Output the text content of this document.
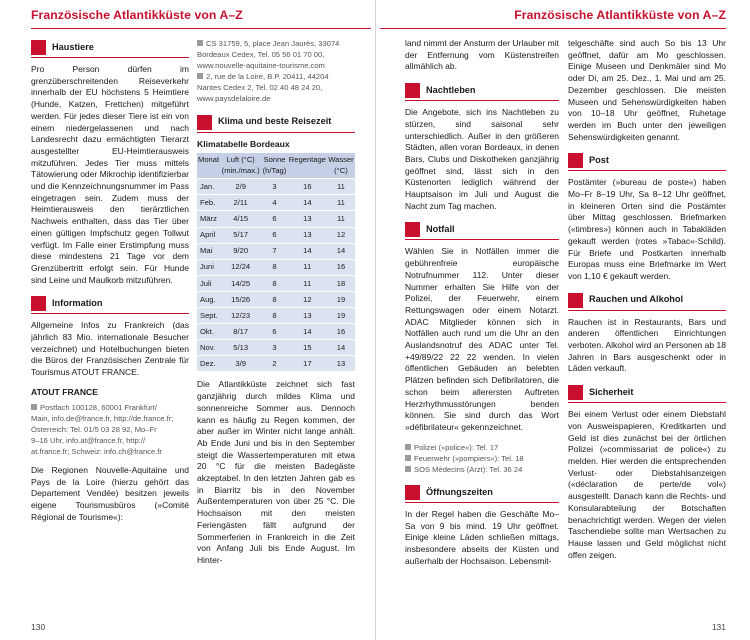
Französische Atlantikküste von A–Z
Haustiere

Pro Person dürfen im grenzüberschreitenden Reiseverkehr innerhalb der EU höchstens 5 Heimtiere (Hunde, Katzen, Frettchen) mitgeführt werden. Für jedes dieser Tiere ist ein von einem niedergelassenen und nach Landesrecht dazu ermächtigten Tierarzt ausgestellter EU-Heimtierausweis mitzuführen. Jedes Tier muss mittels Tätowierung oder Mikrochip identifizierbar und die Kennzeichnungsnummer im Pass eingetragen sein. Zudem muss der Heimtierausweis den tierärztlichen Nachweis enthalten, dass das Tier über einen gültigen Impfschutz gegen Tollwut verfügt. Im Falle einer Erstimpfung muss diese mindestens 21 Tage vor dem Grenzübertritt erfolgt sein. Für Hunde sind Leine und Maulkorb mitzuführen.

Information

Allgemeine Infos zu Frankreich (das jährlich 83 Mio. internationale Besucher verzeichnet) und Hotelbuchungen bieten die Büros der Französischen Zentrale für Tourismus ATOUT FRANCE.

ATOUT FRANCE
Postfach 100128, 60001 Frankfurt/
Main, info.de@france.fr, http://de.france.fr;
Österreich: Tel. 01/5 03 28 92, Mo–Fr
9–16 Uhr, info.at@france.fr, http://
at.france.fr; Schweiz: info.ch@france.fr

Die Regionen Nouvelle-Aquitaine und Pays de la Loire (hierzu gehört das Departement Vendée) besitzen jeweils eigene Tourismusbüros (»Comité Régional de Tourisme«):

CS 31759, 5, place Jean Jaurès, 33074
Bordeaux Cedex, Tel. 05 56 01 70 00,
www.nouvelle-aquitaine-tourisme.com
2, rue de la Loire, B.P. 20411, 44204
Nantes Cedex 2, Tel. 02 40 48 24 20,
www.paysdelaloire.de
Klima und beste Reisezeit
Klimatabelle Bordeaux
Monat	Luft (°C) (min./max.)	Sonne (h/Tag)	Regentage	Wasser (°C)
Jan.	2/9	3	16	11
Feb.	2/11	4	14	11
März	4/15	6	13	11
April	5/17	6	13	12
Mai	9/20	7	14	14
Juni	12/24	8	11	16
Juli	14/25	8	11	18
Aug.	15/26	8	12	19
Sept.	12/23	8	13	19
Okt.	8/17	6	14	16
Nov.	5/13	3	15	14
Dez.	3/9	2	17	13

Die Atlantikküste zeichnet sich fast ganzjährig durch mildes Klima und sonnenreiche Sommer aus. Dennoch kann es häufig zu Regen kommen, der aber außer im Winter nicht lange anhält. Ab Ende Juni und bis in den September steigt die Wassertemperaturen mit etwa 20 °C für die meisten Badegäste akzeptabel. In den letzten Jahren gab es in Biarritz bis in den November Außentemperaturen von über 25 °C. Die Hochsaison mit den meisten Feriengästen fällt aufgrund der Sommerferien in Frankreich in die Zeit von Anfang Juli bis Ende August. Im Hinter-

130
Französische Atlantikküste von A–Z

land nimmt der Ansturm der Urlauber mit der Entfernung vom Küstenstreifen allmählich ab.

Nachtleben

Die Angebote, sich ins Nachtleben zu stürzen, sind saisonal sehr unterschiedlich. Außer in den größeren Städten, allen voran Bordeaux, in denen Bars, Clubs und Diskotheken ganzjährig geöffnet sind, lässt sich in den Küstenorten lediglich während der Hauptsaison im Juli und August die Nacht zum Tag machen.

Notfall

Wählen Sie in Notfällen immer die gebührenfreie europäische Notrufnummer 112. Unter dieser Nummer erhalten Sie Hilfe von der Polizei, der Feuerwehr, einem Rettungswagen oder einem Notarzt. ADAC Mitglieder können sich in Notfällen auch rund um die Uhr an den Auslandsnotruf des ADAC unter Tel. +49/89/22 22 22 wenden. In vielen öffentlichen Gebäuden an belebten Plätzen befinden sich Defibrilatoren, die schon beim allerersten Auftreten Herzrhythmusstörungen benden können. Sie sind durch das Wort »défibrilateur« gekennzeichnet.

Polizei (»police«): Tel. 17
Feuerwehr (»pompiers«): Tel. 18
SOS Médecins (Arzt): Tel. 36 24
Öffnungszeiten

In der Regel haben die Geschäfte Mo–Sa von 9 bis mind. 19 Uhr geöffnet. Einige kleine Läden schließen mittags, insbesondere abseits der Küsten und außerhalb der Hochsaison. Lebensmit-

telgeschäfte sind auch So bis 13 Uhr geöffnet, dafür am Mo geschlossen. Einige Museen und Denkmäler sind Mo oder Di, am 25. Dez., 1. Mai und am 25. Dezember geschlossen. Die meisten Museen und Sehenswürdigkeiten haben von 10–18 Uhr geöffnet, Ruhetage werden im Buch unter den jeweiligen Sehenswürdigkeiten genannt.

Post

Postämter (»bureau de poste«) haben Mo–Fr 8–19 Uhr, Sa 8–12 Uhr geöffnet, in kleineren Orten sind die Postämter über Mittag geschlossen. Briefmarken («timbres») können auch in Tabakläden gekauft werden (rotes »Tabac«-Schild). Für Briefe und Postkarten innerhalb Europas muss eine Briefmarke im Wert von 1,10 € gekauft werden.

Rauchen und Alkohol

Rauchen ist in Restaurants, Bars und anderen öffentlichen Einrichtungen verboten. Alkohol wird an Personen ab 18 Jahren in Bars ausgeschenkt oder in Läden verkauft.

Sicherheit

Bei einem Verlust oder einem Diebstahl von Ausweispapieren, Kreditkarten und Geld ist dies zunächst bei der örtlichen Polizei (»commissariat de police«) zu melden. Hier werden die entsprechenden Verlust- oder Diebstahlsanzeigen («déclaration de perte/de vol«) ausgestellt. Danach kann die Rechts- und Konsularabteilung der Botschaften benachrichtigt werden. Wegen der vielen Taschendiebe sollte man Wertsachen zu Hause lassen und Geld möglichst nicht offen zeigen.

131
